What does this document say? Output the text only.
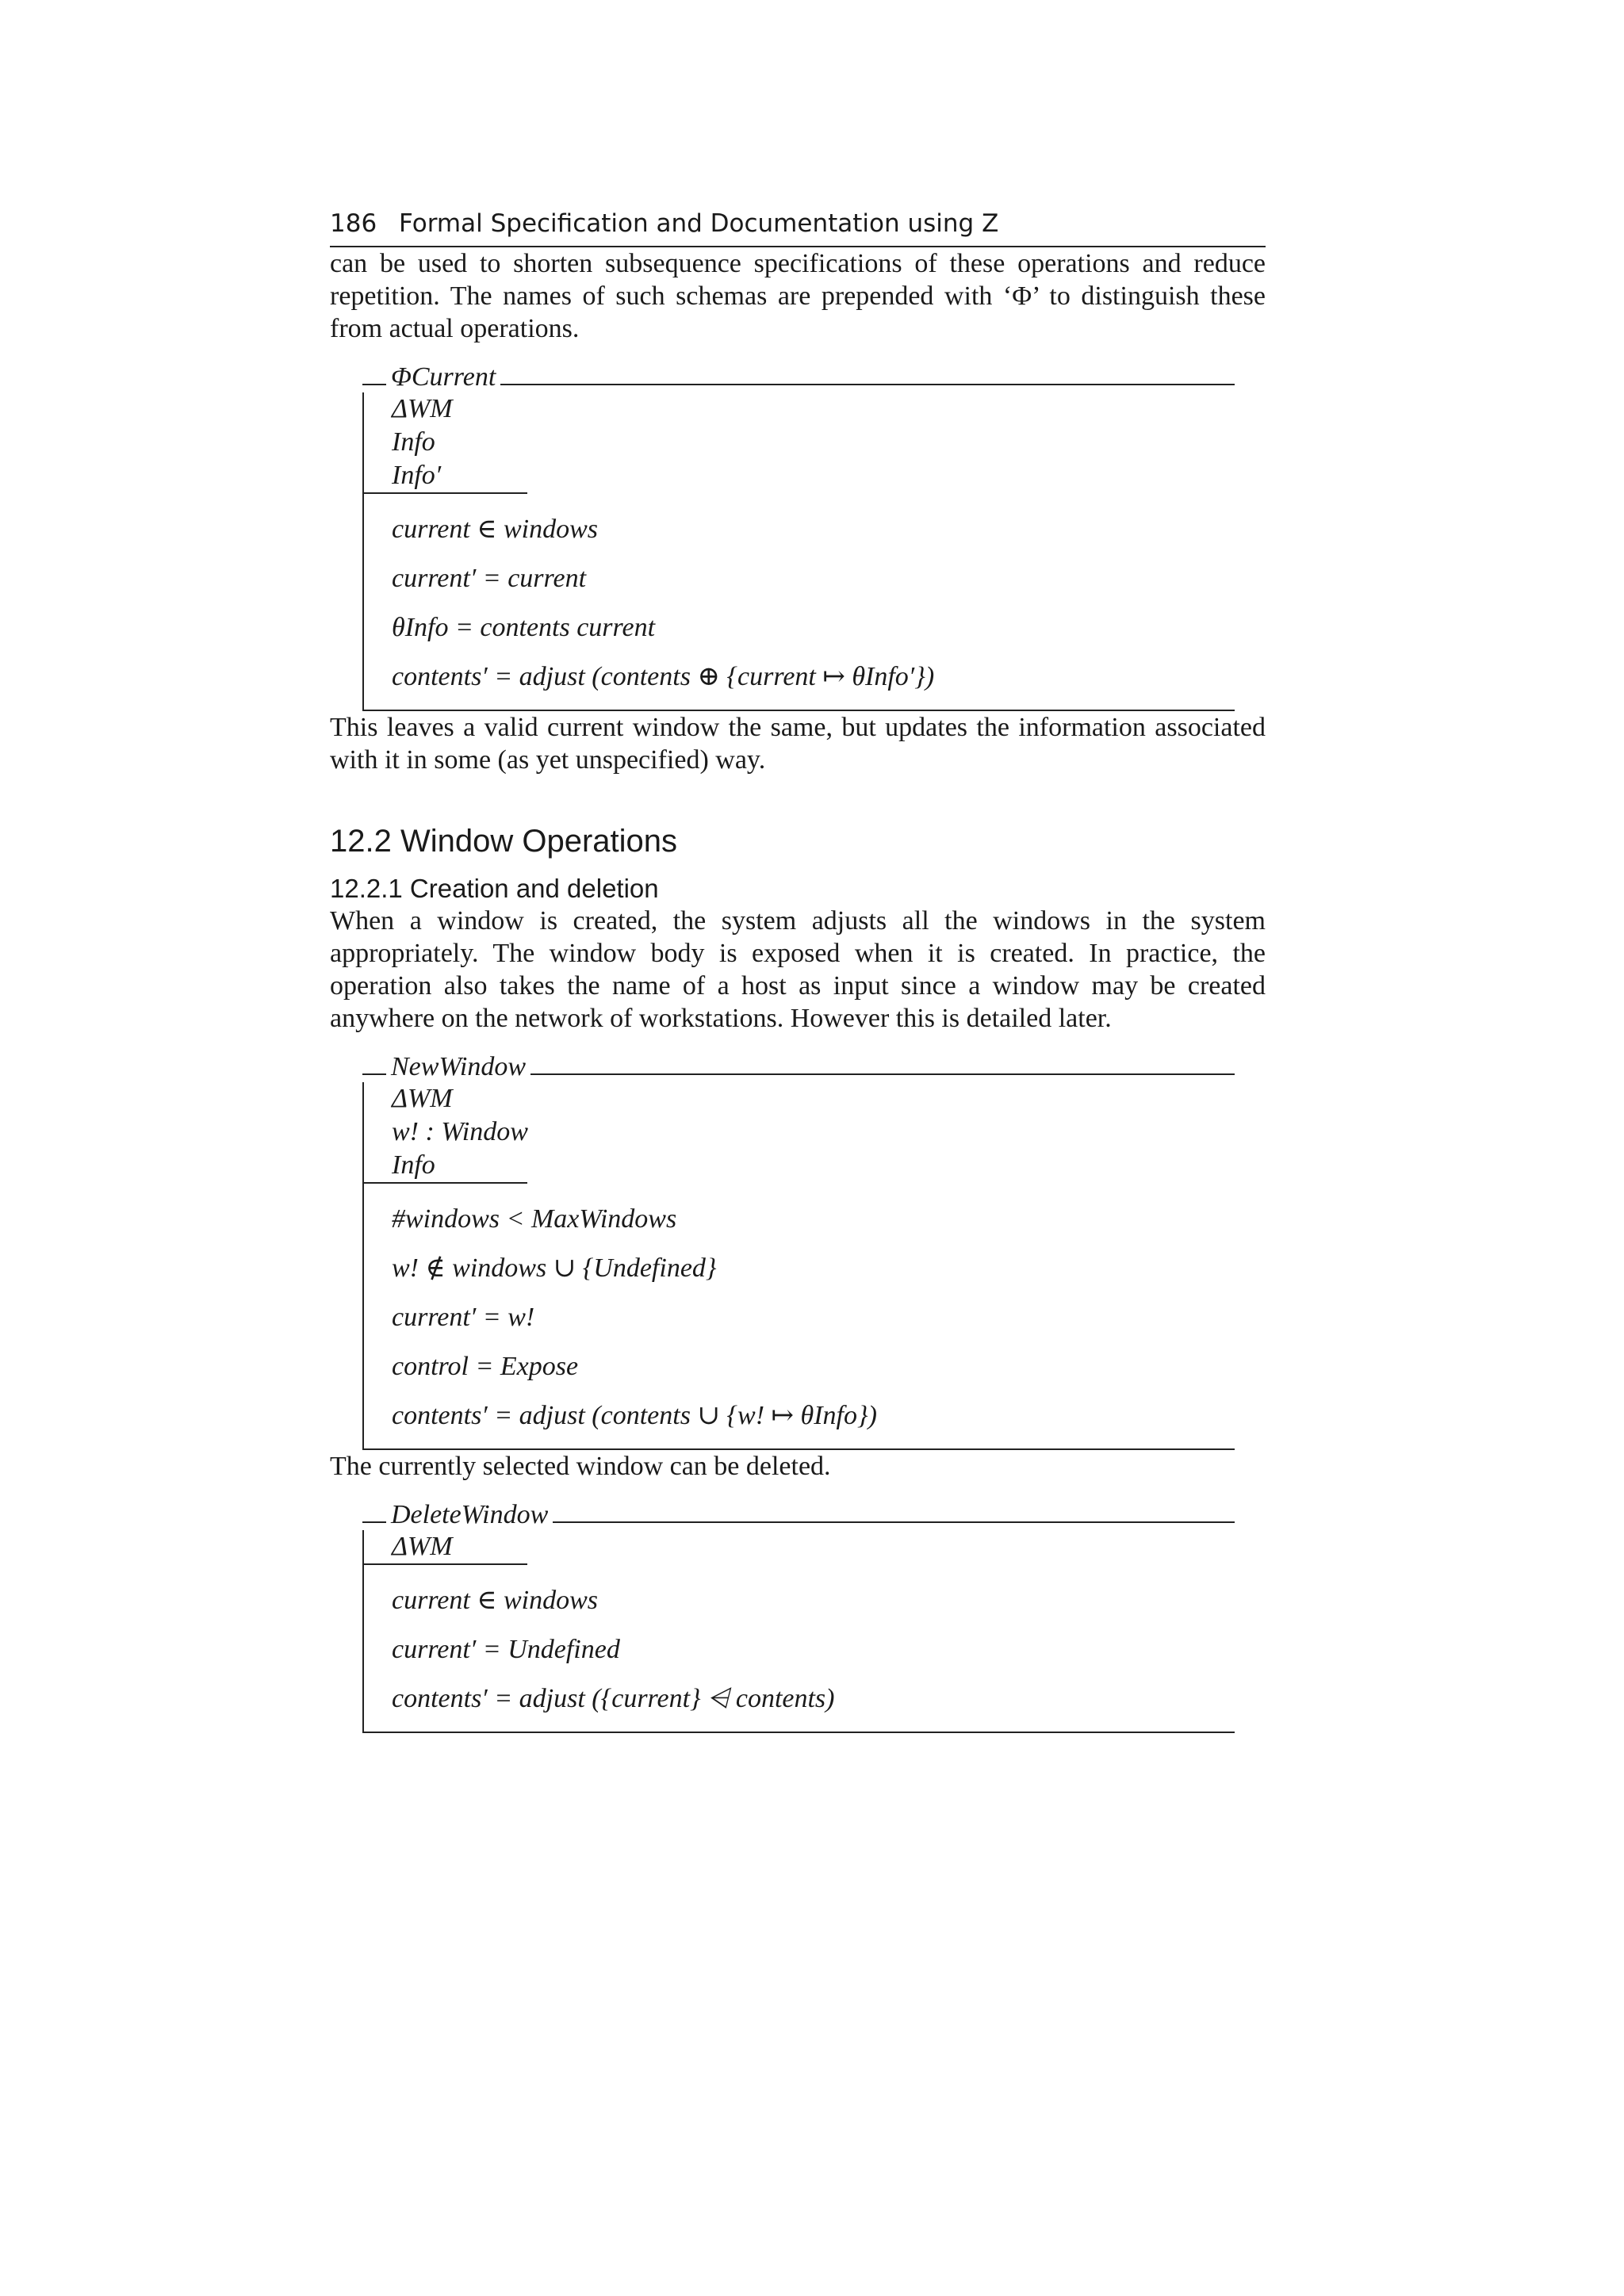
186 Formal Specification and Documentation using Z

can be used to shorten subsequence specifications of these operations and reduce repetition. The names of such schemas are prepended with ‘Φ’ to distinguish these from actual operations.

ΦCurrent
ΔWM
Info
Info′
current ∈ windows
current′ = current
θInfo = contents current
contents′ = adjust (contents ⊕ {current ↦ θInfo′})

This leaves a valid current window the same, but updates the information associated with it in some (as yet unspecified) way.

12.2 Window Operations
12.2.1 Creation and deletion

When a window is created, the system adjusts all the windows in the system appropriately. The window body is exposed when it is created. In practice, the operation also takes the name of a host as input since a window may be created anywhere on the network of workstations. However this is detailed later.

NewWindow
ΔWM
w! : Window
Info
#windows < MaxWindows
w! ∉ windows ∪ {Undefined}
current′ = w!
control = Expose
contents′ = adjust (contents ∪ {w! ↦ θInfo})

The currently selected window can be deleted.

DeleteWindow
ΔWM
current ∈ windows
current′ = Undefined
contents′ = adjust ({current} ⩤ contents)
